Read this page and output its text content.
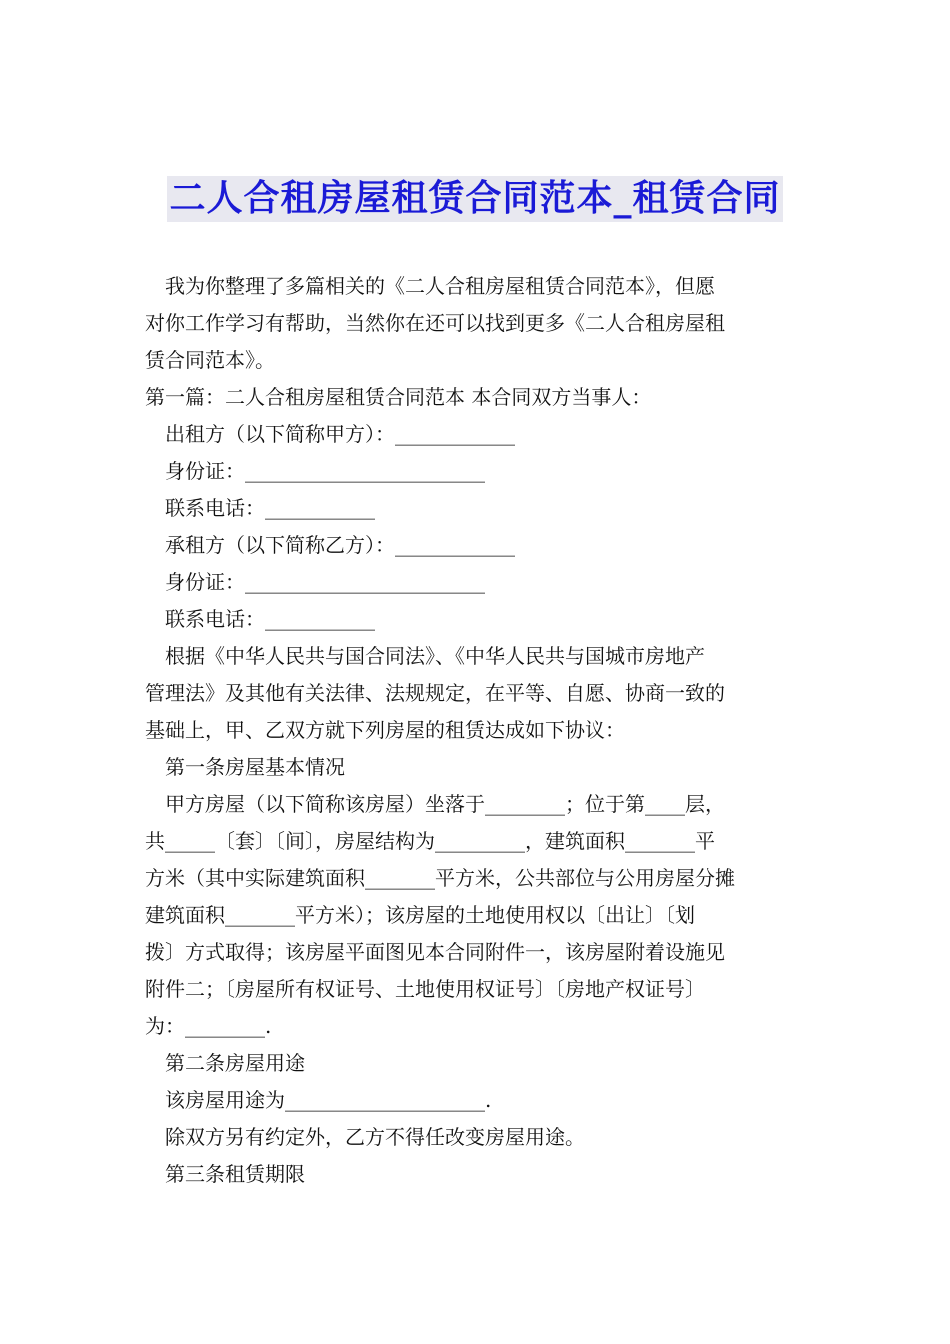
二人合租房屋租赁合同范本_租赁合同

我为你整理了多篇相关的《二人合租房屋租赁合同范本》，但愿

对你工作学习有帮助，当然你在还可以找到更多《二人合租房屋租

赁合同范本》。

第一篇：二人合租房屋租赁合同范本 本合同双方当事人：

出租方（以下简称甲方）：____________

身份证：________________________

联系电话：___________

承租方（以下简称乙方）：____________

身份证：________________________

联系电话：___________

根据《中华人民共与国合同法》、《中华人民共与国城市房地产

管理法》及其他有关法律、法规规定，在平等、自愿、协商一致的

基础上，甲、乙双方就下列房屋的租赁达成如下协议：

第一条房屋基本情况

甲方房屋（以下简称该房屋）坐落于________；位于第____层，

共_____〔套〕〔间〕，房屋结构为_________，建筑面积_______平

方米（其中实际建筑面积_______平方米，公共部位与公用房屋分摊

建筑面积_______平方米）；该房屋的土地使用权以〔出让〕〔划

拨〕方式取得；该房屋平面图见本合同附件一，该房屋附着设施见

附件二；〔房屋所有权证号、土地使用权证号〕〔房地产权证号〕

为：________.

第二条房屋用途

该房屋用途为____________________.

除双方另有约定外，乙方不得任改变房屋用途。

第三条租赁期限
